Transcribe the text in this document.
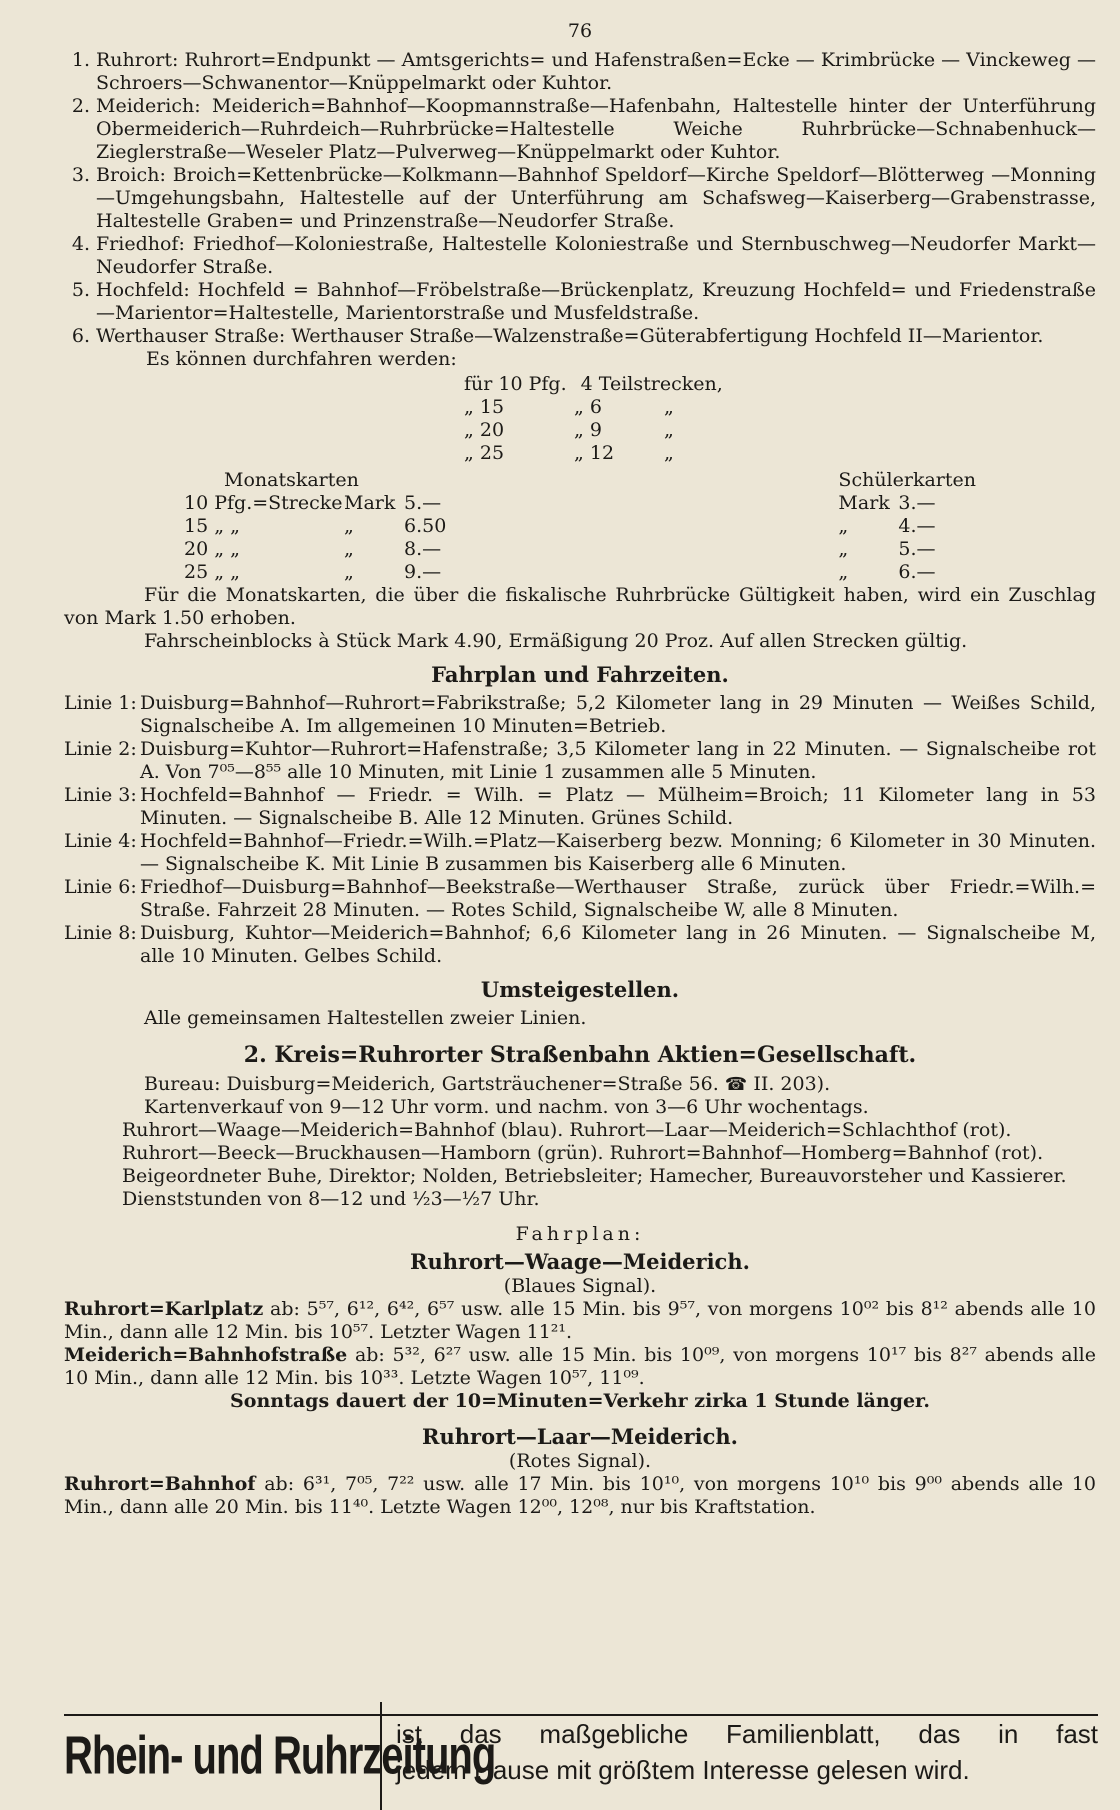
76
1. Ruhrort: Ruhrort=Endpunkt — Amtsgerichts= und Hafenstraßen=Ecke — Krimbrücke — Vinckeweg — Schroers—Schwanentor—Knüppelmarkt oder Kuhtor.
2. Meiderich: Meiderich=Bahnhof—Koopmannstraße—Hafenbahn, Haltestelle hinter der Unterführung Obermeiderich—Ruhrdeich—Ruhrbrücke=Haltestelle Weiche Ruhrbrücke—Schnabenhuck—Zieglerstraße—Weseler Platz—Pulverweg—Knüppelmarkt oder Kuhtor.
3. Broich: Broich=Kettenbrücke—Kolkmann—Bahnhof Speldorf—Kirche Speldorf—Blötterweg —Monning—Umgehungsbahn, Haltestelle auf der Unterführung am Schafsweg—Kaiserberg—Grabenstrasse, Haltestelle Graben= und Prinzenstraße—Neudorfer Straße.
4. Friedhof: Friedhof—Koloniestraße, Haltestelle Koloniestraße und Sternbuschweg—Neudorfer Markt—Neudorfer Straße.
5. Hochfeld: Hochfeld = Bahnhof—Fröbelstraße—Brückenplatz, Kreuzung Hochfeld= und Friedenstraße—Marientor=Haltestelle, Marientorstraße und Musfeldstraße.
6. Werthauser Straße: Werthauser Straße—Walzenstraße=Güterabfertigung Hochfeld II—Marientor.
Es können durchfahren werden:
für 10 Pfg. 4 Teilstrecken,
„ 15	„ 6	„
„ 20	„ 9	„
„ 25	„ 12	„
Monatskarten
10 Pfg.=Strecke Mark 5.—
15 „ „	„	6.50
20 „ „	„	8.—
25 „ „	„	9.—
Schülerkarten
Mark 3.—
„	4.—
„	5.—
„	6.—
Für die Monatskarten, die über die fiskalische Ruhrbrücke Gültigkeit haben, wird ein Zuschlag von Mark 1.50 erhoben.
Fahrscheinblocks à Stück Mark 4.90, Ermäßigung 20 Proz. Auf allen Strecken gültig.
Fahrplan und Fahrzeiten.
Linie 1: Duisburg=Bahnhof—Ruhrort=Fabrikstraße; 5,2 Kilometer lang in 29 Minuten — Weißes Schild, Signalscheibe A. Im allgemeinen 10 Minuten=Betrieb.
Linie 2: Duisburg=Kuhtor—Ruhrort=Hafenstraße; 3,5 Kilometer lang in 22 Minuten. — Signalscheibe rot A. Von 7⁰⁵—8⁵⁵ alle 10 Minuten, mit Linie 1 zusammen alle 5 Minuten.
Linie 3: Hochfeld=Bahnhof — Friedr. = Wilh. = Platz — Mülheim=Broich; 11 Kilometer lang in 53 Minuten. — Signalscheibe B. Alle 12 Minuten. Grünes Schild.
Linie 4: Hochfeld=Bahnhof—Friedr.=Wilh.=Platz—Kaiserberg bezw. Monning; 6 Kilometer in 30 Minuten. — Signalscheibe K. Mit Linie B zusammen bis Kaiserberg alle 6 Minuten.
Linie 6: Friedhof—Duisburg=Bahnhof—Beekstraße—Werthauser Straße, zurück über Friedr.=Wilh.= Straße. Fahrzeit 28 Minuten. — Rotes Schild, Signalscheibe W, alle 8 Minuten.
Linie 8: Duisburg, Kuhtor—Meiderich=Bahnhof; 6,6 Kilometer lang in 26 Minuten. — Signalscheibe M, alle 10 Minuten. Gelbes Schild.
Umsteigestellen.
Alle gemeinsamen Haltestellen zweier Linien.
2. Kreis=Ruhrorter Straßenbahn Aktien=Gesellschaft.
Bureau: Duisburg=Meiderich, Gartsträuchener=Straße 56. ☎ II. 203).
Kartenverkauf von 9—12 Uhr vorm. und nachm. von 3—6 Uhr wochentags.
Ruhrort—Waage—Meiderich=Bahnhof (blau). Ruhrort—Laar—Meiderich=Schlachthof (rot).
Ruhrort—Beeck—Bruckhausen—Hamborn (grün). Ruhrort=Bahnhof—Homberg=Bahnhof (rot).
Beigeordneter Buhe, Direktor; Nolden, Betriebsleiter; Hamecher, Bureauvorsteher und Kassierer.
Dienststunden von 8—12 und ½3—½7 Uhr.
Fahrplan:
Ruhrort—Waage—Meiderich.
(Blaues Signal).
Ruhrort=Karlplatz ab: 5⁵⁷, 6¹², 6⁴², 6⁵⁷ usw. alle 15 Min. bis 9⁵⁷, von morgens 10⁰² bis 8¹² abends alle 10 Min., dann alle 12 Min. bis 10⁵⁷. Letzter Wagen 11²¹.
Meiderich=Bahnhofstraße ab: 5³², 6²⁷ usw. alle 15 Min. bis 10⁰⁹, von morgens 10¹⁷ bis 8²⁷ abends alle 10 Min., dann alle 12 Min. bis 10³³. Letzte Wagen 10⁵⁷, 11⁰⁹.
Sonntags dauert der 10=Minuten=Verkehr zirka 1 Stunde länger.
Ruhrort—Laar—Meiderich.
(Rotes Signal).
Ruhrort=Bahnhof ab: 6³¹, 7⁰⁵, 7²² usw. alle 17 Min. bis 10¹⁰, von morgens 10¹⁰ bis 9⁰⁰ abends alle 10 Min., dann alle 20 Min. bis 11⁴⁰. Letzte Wagen 12⁰⁰, 12⁰⁸, nur bis Kraftstation.
Rhein- und Ruhrzeitung
ist das maßgebliche Familienblatt, das in fast
jedem Hause mit größtem Interesse gelesen wird.
